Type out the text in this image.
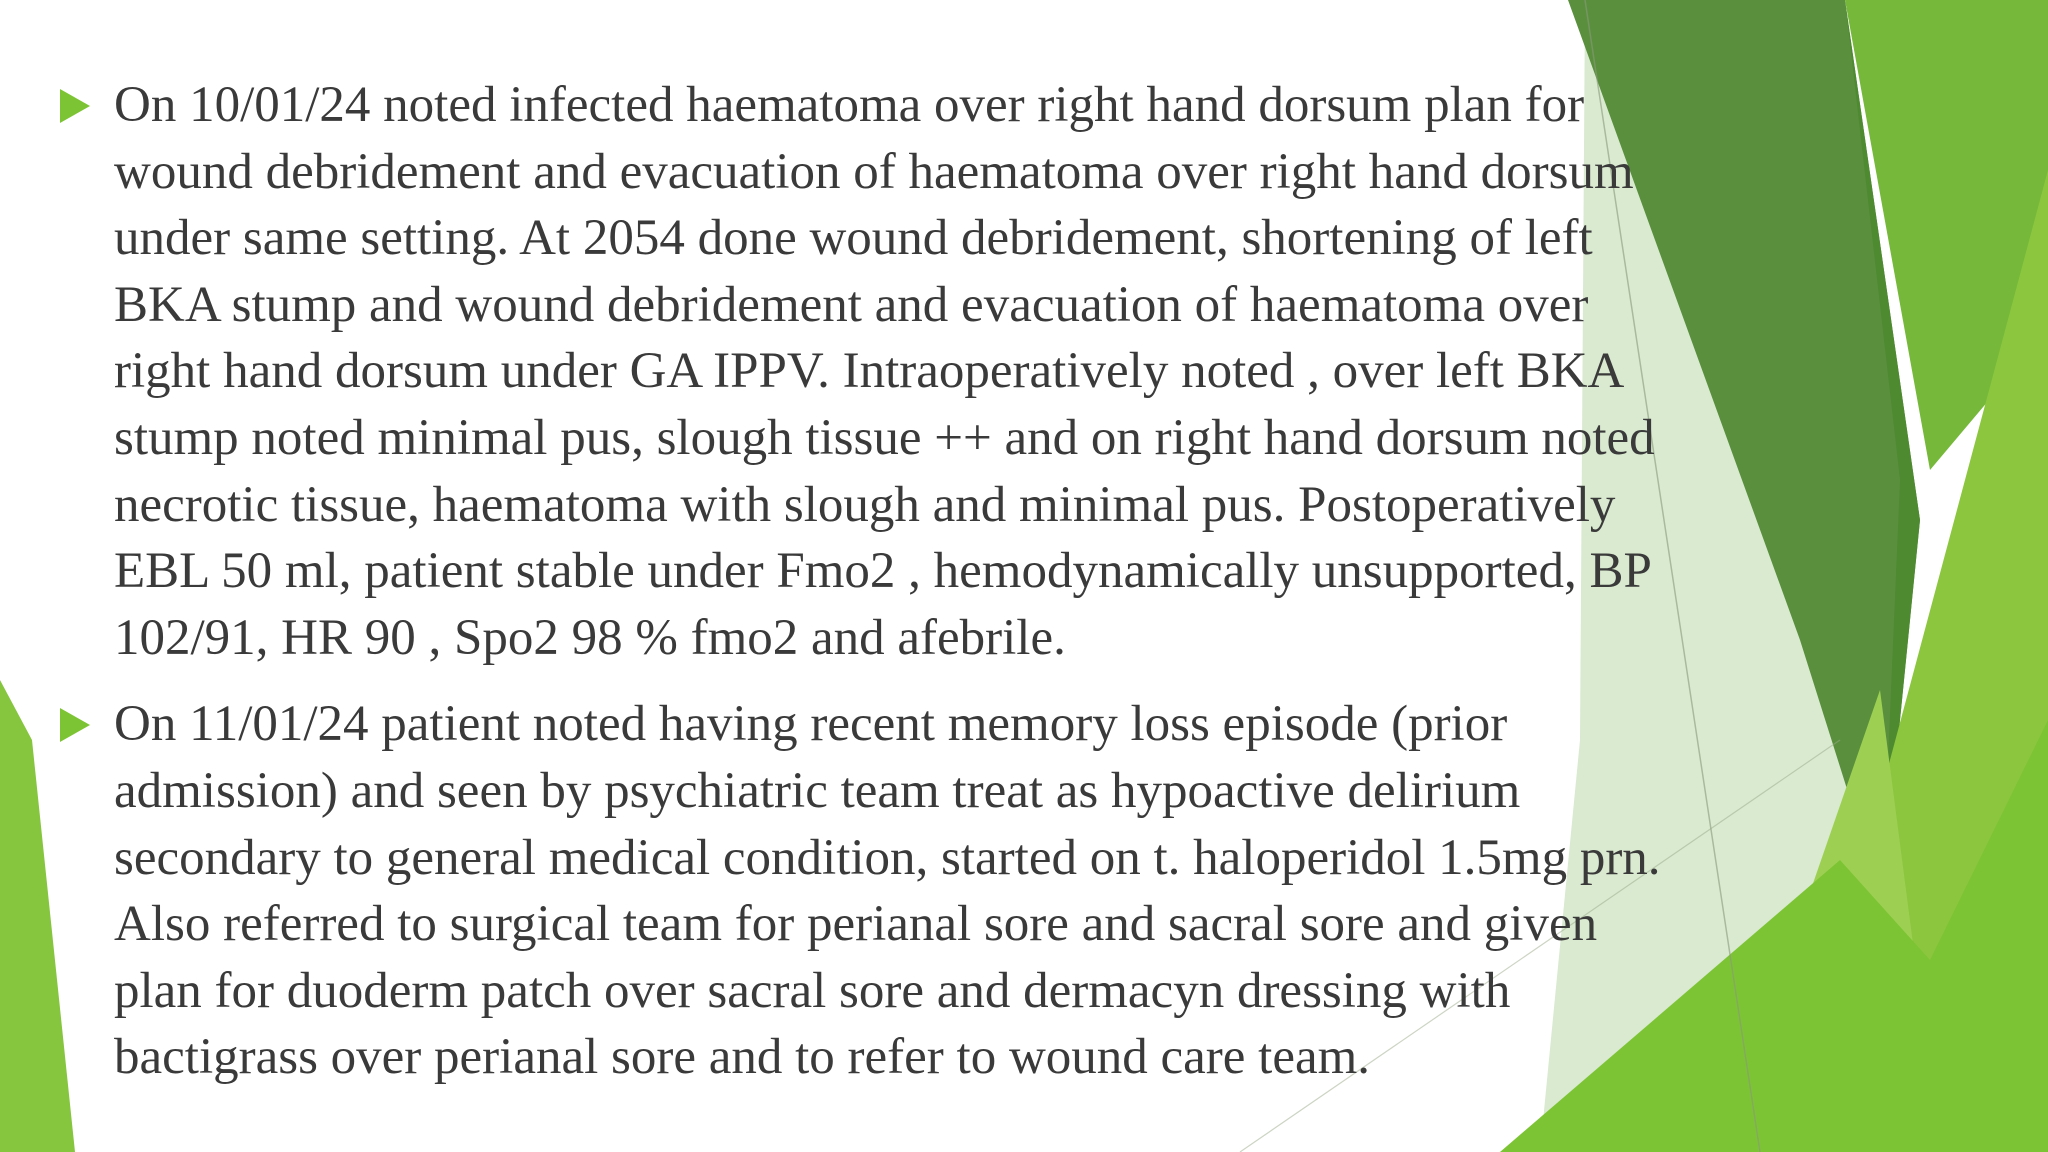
On 10/01/24 noted infected haematoma over right hand dorsum plan for
wound debridement and evacuation of haematoma over right hand dorsum
under same setting. At 2054 done wound debridement, shortening of left
BKA stump and wound debridement and evacuation of haematoma over
right hand dorsum under GA IPPV. Intraoperatively noted , over left BKA
stump noted minimal pus, slough tissue ++ and on right hand dorsum noted
necrotic tissue, haematoma with slough and minimal pus. Postoperatively
EBL 50 ml, patient stable under Fmo2 , hemodynamically unsupported, BP
102/91, HR 90 , Spo2 98 % fmo2 and afebrile.
On 11/01/24 patient noted having recent memory loss episode (prior
admission) and seen by psychiatric team treat as hypoactive delirium
secondary to general medical condition, started on t. haloperidol 1.5mg prn.
Also referred to surgical team for perianal sore and sacral sore and given
plan for duoderm patch over sacral sore and dermacyn dressing with
bactigrass over perianal sore and to refer to wound care team.
